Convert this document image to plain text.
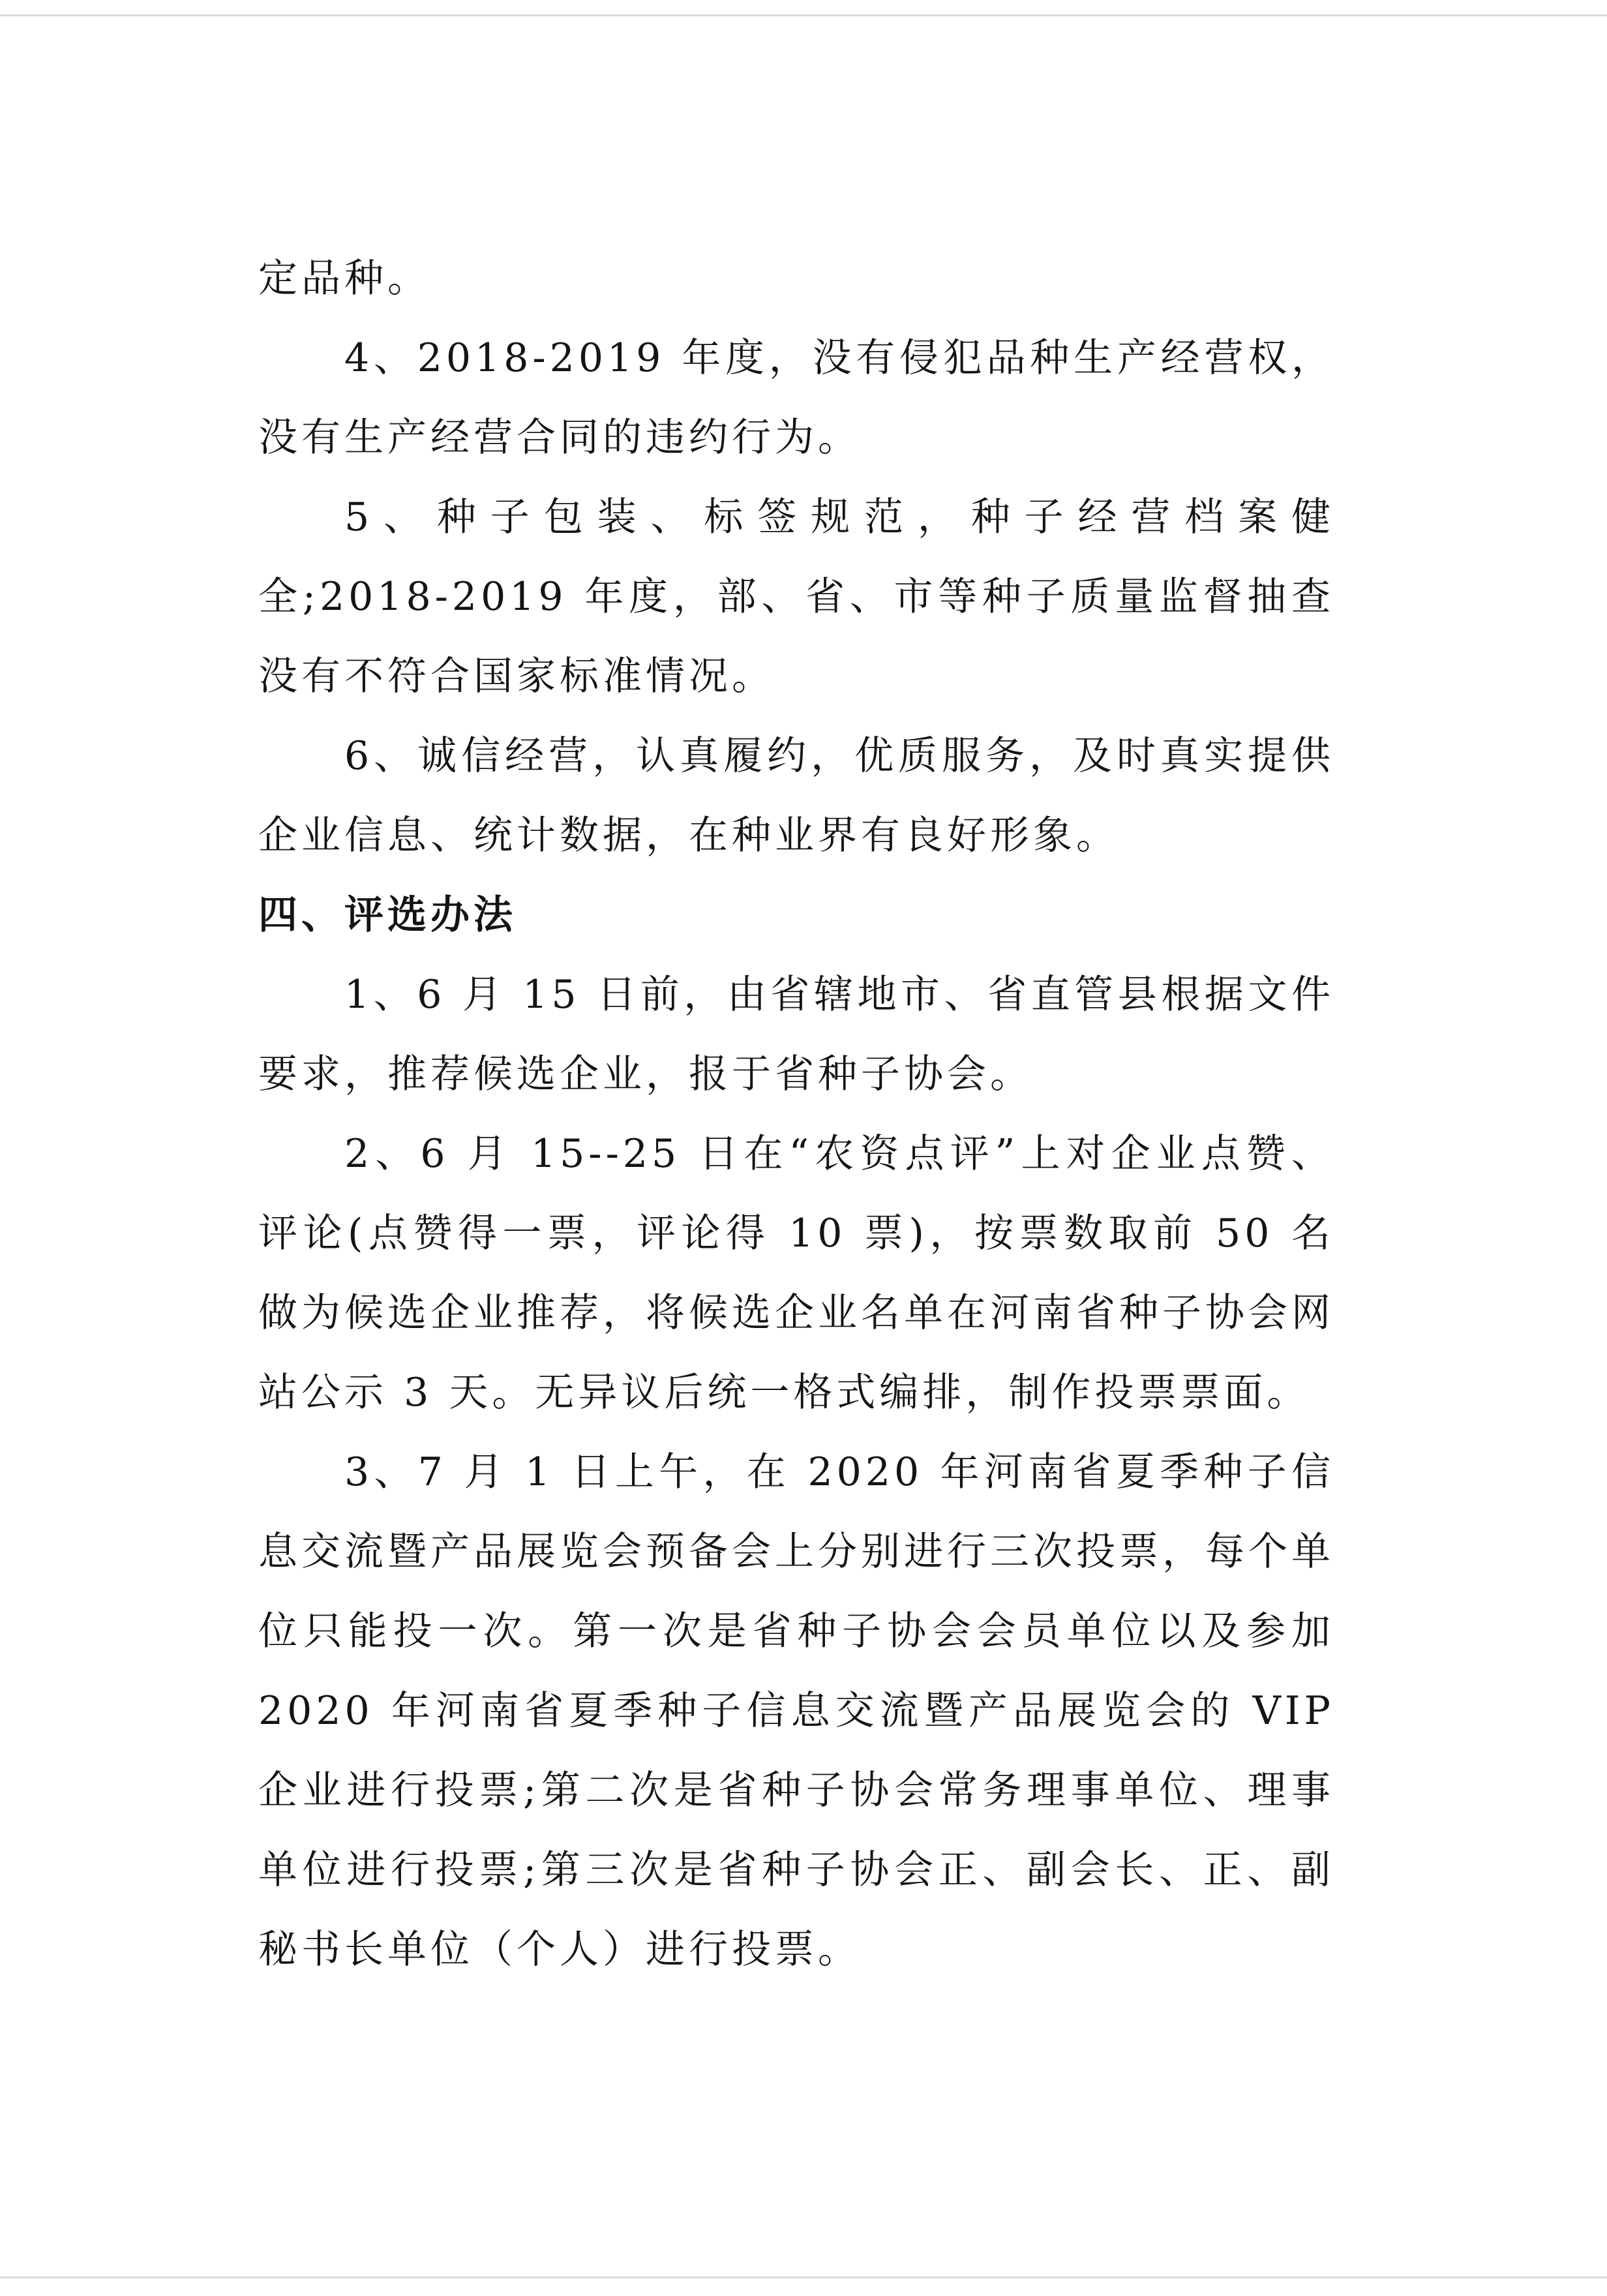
定品种。

4、2018-2019 年度，没有侵犯品种生产经营权，没有生产经营合同的违约行为。

5、种子包装、标签规范，种子经营档案健全;2018-2019 年度，部、省、市等种子质量监督抽查没有不符合国家标准情况。

6、诚信经营，认真履约，优质服务，及时真实提供企业信息、统计数据，在种业界有良好形象。

四、评选办法

1、6 月 15 日前，由省辖地市、省直管县根据文件要求，推荐候选企业，报于省种子协会。

2、6 月 15--25 日在“农资点评”上对企业点赞、评论(点赞得一票，评论得 10 票)，按票数取前 50 名做为候选企业推荐，将候选企业名单在河南省种子协会网站公示 3 天。无异议后统一格式编排，制作投票票面。

3、7 月 1 日上午，在 2020 年河南省夏季种子信息交流暨产品展览会预备会上分别进行三次投票，每个单位只能投一次。第一次是省种子协会会员单位以及参加 2020 年河南省夏季种子信息交流暨产品展览会的 VIP 企业进行投票;第二次是省种子协会常务理事单位、理事单位进行投票;第三次是省种子协会正、副会长、正、副秘书长单位（个人）进行投票。
